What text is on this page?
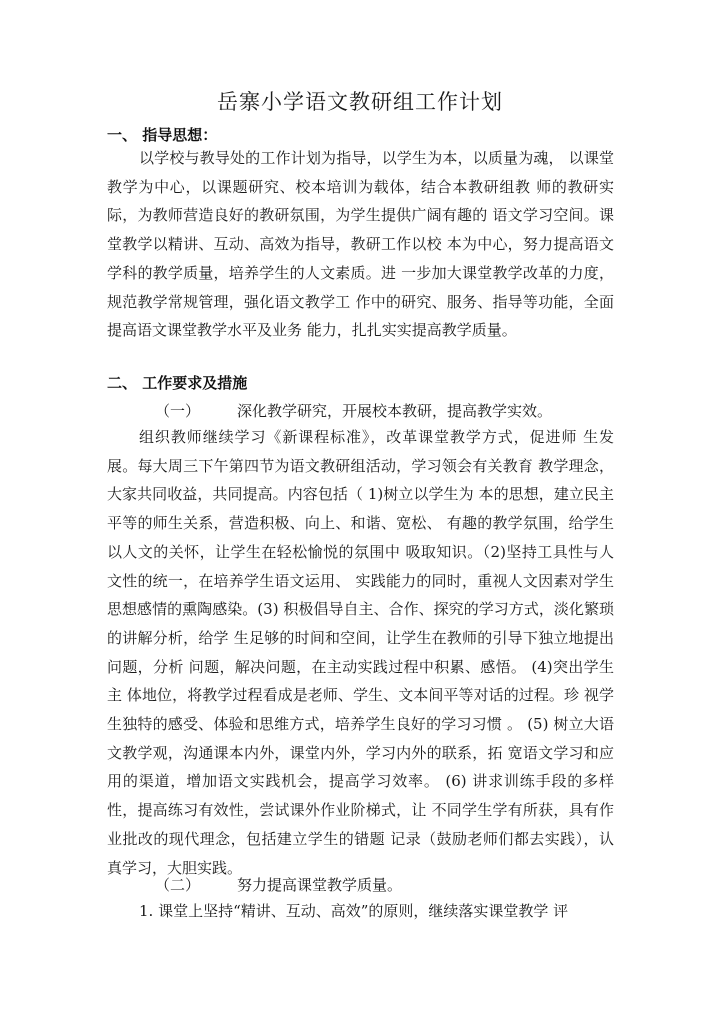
岳寨小学语文教研组工作计划
一、 指导思想：
以学校与教导处的工作计划为指导，以学生为本，以质量为魂， 以课堂教学为中心，以课题研究、校本培训为载体，结合本教研组教 师的教研实际，为教师营造良好的教研氛围，为学生提供广阔有趣的 语文学习空间。课堂教学以精讲、互动、高效为指导，教研工作以校 本为中心，努力提高语文学科的教学质量，培养学生的人文素质。进 一步加大课堂教学改革的力度，规范教学常规管理，强化语文教学工 作中的研究、服务、指导等功能，全面提高语文课堂教学水平及业务 能力，扎扎实实提高教学质量。
二、 工作要求及措施
（一） 深化教学研究，开展校本教研，提高教学实效。
组织教师继续学习《新课程标准》，改革课堂教学方式，促进师 生发展。每大周三下午第四节为语文教研组活动，学习领会有关教育 教学理念，大家共同收益，共同提高。内容包括（ 1)树立以学生为 本的思想，建立民主平等的师生关系，营造积极、向上、和谐、宽松、 有趣的教学氛围，给学生以人文的关怀，让学生在轻松愉悦的氛围中 吸取知识。（2)坚持工具性与人文性的统一，在培养学生语文运用、 实践能力的同时，重视人文因素对学生思想感情的熏陶感染。(3) 积极倡导自主、合作、探究的学习方式，淡化繁琐的讲解分析，给学 生足够的时间和空间，让学生在教师的引导下独立地提出问题，分析 问题，解决问题，在主动实践过程中积累、感悟。 (4)突出学生主 体地位，将教学过程看成是老师、学生、文本间平等对话的过程。珍 视学生独特的感受、体验和思维方式，培养学生良好的学习习惯 。 (5) 树立大语文教学观，沟通课本内外，课堂内外，学习内外的联系，拓 宽语文学习和应用的渠道，增加语文实践机会，提高学习效率。 (6) 讲求训练手段的多样性，提高练习有效性，尝试课外作业阶梯式，让 不同学生学有所获，具有作业批改的现代理念，包括建立学生的错题 记录（鼓励老师们都去实践），认真学习，大胆实践。
（二） 努力提高课堂教学质量。
1. 课堂上坚持“精讲、互动、高效”的原则，继续落实课堂教学 评
